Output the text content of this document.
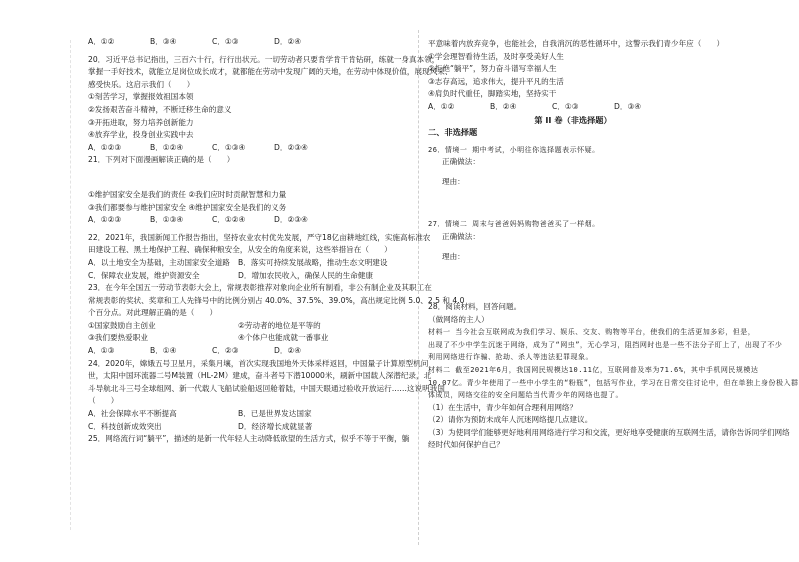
A．①②	B．③④	C．①③	D．②④
20．习近平总书记指出，三百六十行，行行出状元。一切劳动者只要肯学肯干肯钻研，练就一身真本领，
掌握一手好技术，就能立足岗位成长成才，就都能在劳动中发现广阔的天地，在劳动中体现价值，展现风采、
感受快乐。这启示我们（　　）
①刻苦学习，掌握报效祖国本领
②发扬艰苦奋斗精神，不断迁移生命的意义
③开拓进取，努力培养创新能力
④放弃学业，投身创业实践中去
A．①②③	B．①②④	C．①③④	D．②③④
21．下列对下面漫画解读正确的是（　　）
①维护国家安全是我们的责任 ②我们应时时贡献智慧和力量
③我们都要参与维护国家安全 ④维护国家安全是我们的义务
A．①②③	B．①③④	C．①②④	D．②③④
22．2021年，我国新闻工作报告指出，坚持农业农村优先发展，严守18亿亩耕地红线，实施高标准农
田建设工程、黑土地保护工程、确保种粮安全，从安全的角度来说，这些举措旨在（　　）
A．以土地安全为基础，主动国家安全道路	B．落实可持续发展战略，推动生态文明建设
C．保障农业发展，维护资源安全	D．增加农民收入，确保人民的生命健康
23．在今年全国五一劳动节表彰大会上，常规表彰推荐对象向企业所有制看，非公有制企业及其职工在
常规表彰的奖状、奖章和工人先锋号中的比例分别占 40.0%、37.5%、39.0%，高出规定比例 5.0、2.5 和 4.0
个百分点。对此理解正确的是（　　）
①国家鼓励自主创业	②劳动者的地位是平等的
③我们要热爱职业	④个体户也能成就一番事业
A．①③	B．①④	C．②③	D．②④
24．2020年，嫦娥五号卫星月，采集月壤，首次实现我国地外天体采样返回，中国量子计算原型机问
世，太阳中国环流器二号M装置（HL-2M）建成，奋斗者号下潜10000米，刷新中国载人深潜纪录，北
斗导航北斗三号全球组网、新一代载人飞船试验船返回舱着陆，中国天眼通过验收开放运行……这说明我国
（　　）
A．社会保障水平不断提高	B．已是世界发达国家
C．科技创新成效突出	D．经济增长成就显著
25．网络流行词“躺平”，描述的是新一代年轻人主动降低欲望的生活方式，似乎不等于平衡，躺
平意味着内放弃竞争，也能社会，自我消沉的恶性循环中，这警示我们青少年应（　　）
①学会理智看待生活，及时享受美好人生
②拒绝“躺平”，努力奋斗谱写幸福人生
③志存高远，追求伟大，提升平凡的生活
④肩负时代重任，脚踏实地，坚持实干
A．①②	B．②④	C．①③	D．③④
第 II 卷（非选择题）
二、非选择题
26．情境一 期中考试，小明往你选择题表示怀疑。
正确做法：
理由：
27．情境二 周末与爸爸妈妈购物爸爸买了一样烟。
正确做法：
理由：
28．阅读材料，回答问题。
（做网络的主人）
材料一 当今社会互联网成为我们学习、娱乐、交友、购物等平台，使我们的生活更加多彩，但是，
出现了不少中学生沉迷于网络，成为了“网虫”，无心学习，阻挡网时也是一些不法分子盯上了，出现了不少
利用网络进行诈骗、抢劫、杀人等违法犯罪现象。
材料二 截至2021年6月，我国网民规模达10.11亿，互联网普及率为71.6%，其中手机网民规模达
10.07亿。青少年使用了一些中小学生的“粉瓶”，包括写作业，学习在日常交往讨论中，但在单独上身份极入群
体成员，网络交往的安全问题给当代青少年的网络也提了。
（1）在生活中，青少年如何合理利用网络？
（2）请你为预防未成年人沉迷网络提几点建议。
（3）为使同学们能够更好地利用网络进行学习和交流，更好地享受健康的互联网生活，请你告诉同学们网络
经时代如何保护自己？
